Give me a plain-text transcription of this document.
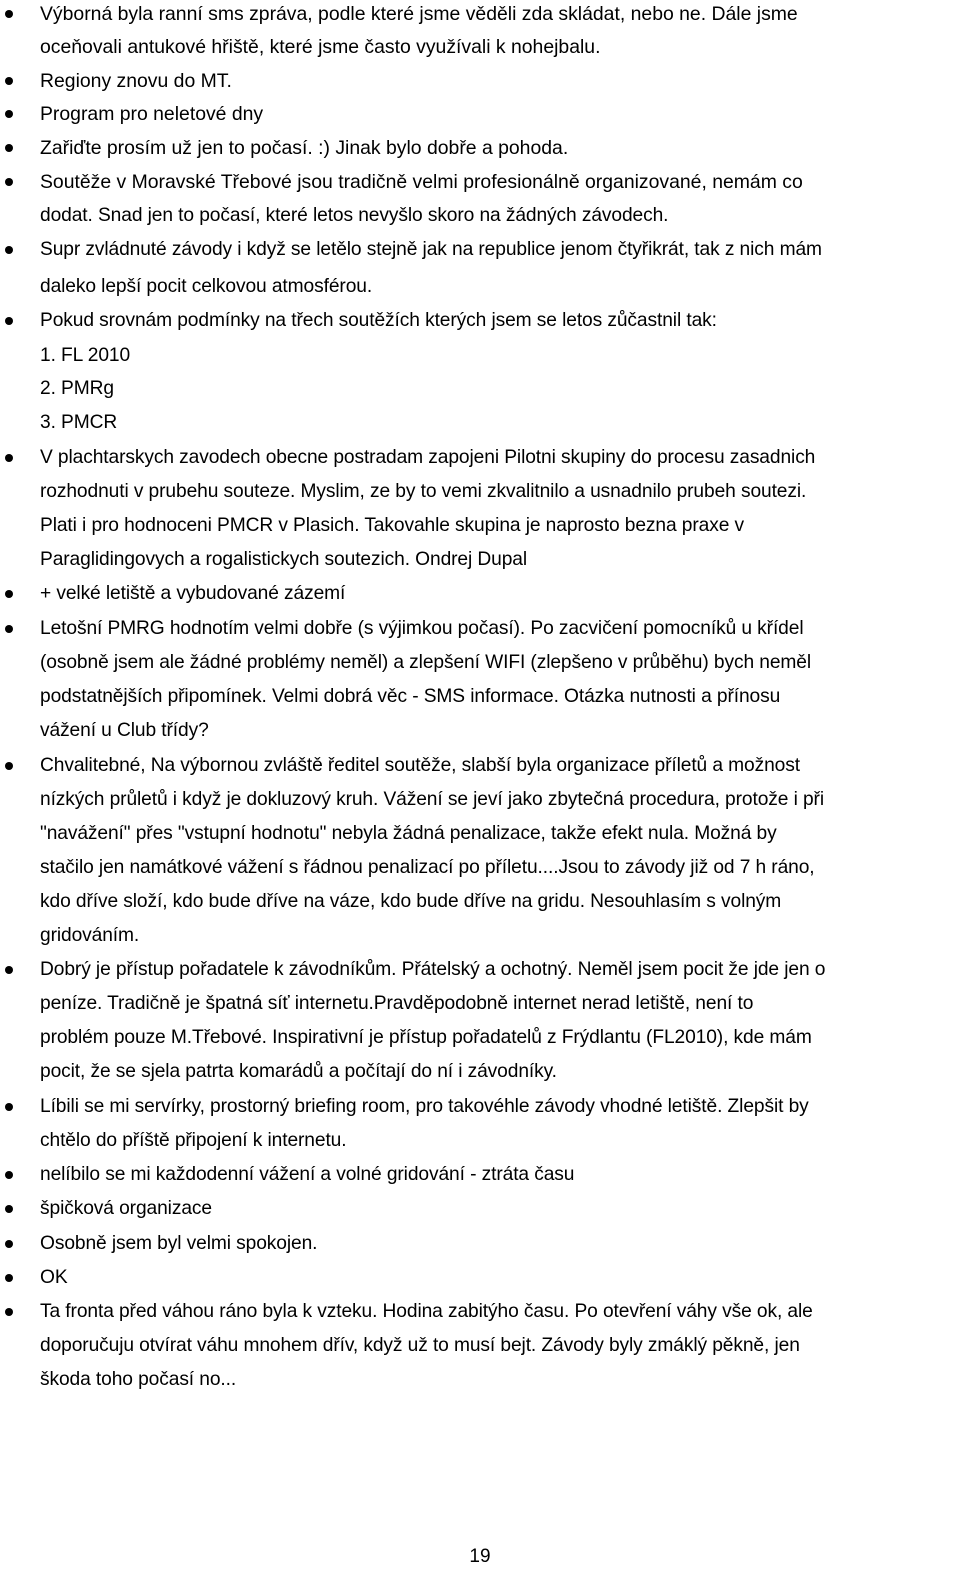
Výborná byla ranní sms zpráva, podle které jsme věděli zda skládat, nebo ne. Dále jsme
oceňovali antukové hřiště, které jsme často využívali k nohejbalu.
Regiony znovu do MT.
Program pro neletové dny
Zařiďte prosím už jen to počasí. :) Jinak bylo dobře a pohoda.
Soutěže v Moravské Třebové jsou tradičně velmi profesionálně organizované, nemám co
dodat. Snad jen to počasí, které letos nevyšlo skoro na žádných závodech.
Supr zvládnuté závody i když se letělo stejně jak na republice jenom čtyřikrát, tak z nich mám
daleko lepší pocit celkovou atmosférou.
Pokud srovnám podmínky na třech soutěžích kterých jsem se letos zůčastnil tak:
1. FL 2010
2. PMRg
3. PMCR
V plachtarskych zavodech obecne postradam zapojeni Pilotni skupiny do procesu zasadnich
rozhodnuti v prubehu souteze. Myslim, ze by to vemi zkvalitnilo a usnadnilo prubeh soutezi.
Plati i pro hodnoceni PMCR v Plasich. Takovahle skupina je naprosto bezna praxe v
Paraglidingovych a rogalistickych soutezich. Ondrej Dupal
+ velké letiště a vybudované zázemí
Letošní PMRG hodnotím velmi dobře (s výjimkou počasí). Po zacvičení pomocníků u křídel
(osobně jsem ale žádné problémy neměl) a zlepšení WIFI (zlepšeno v průběhu) bych neměl
podstatnějších připomínek. Velmi dobrá věc - SMS informace. Otázka nutnosti a přínosu
vážení u Club třídy?
Chvalitebné, Na výbornou zvláště ředitel soutěže, slabší byla organizace příletů a možnost
nízkých průletů i když je dokluzový kruh. Vážení se jeví jako zbytečná procedura, protože i při
"navážení" přes "vstupní hodnotu" nebyla žádná penalizace, takže efekt nula. Možná by
stačilo jen namátkové vážení s řádnou penalizací po příletu....Jsou to závody již od 7 h ráno,
kdo dříve složí, kdo bude dříve na váze, kdo bude dříve na gridu. Nesouhlasím s volným
gridováním.
Dobrý je přístup pořadatele k závodníkům. Přátelský a ochotný. Neměl jsem pocit že jde jen o
peníze. Tradičně je špatná síť internetu.Pravděpodobně internet nerad letiště, není to
problém pouze M.Třebové. Inspirativní je přístup pořadatelů z Frýdlantu (FL2010), kde mám
pocit, že se sjela patrta komarádů a počítají do ní i závodníky.
Líbili se mi servírky, prostorný briefing room, pro takovéhle závody vhodné letiště. Zlepšit by
chtělo do příště připojení k internetu.
nelíbilo se mi každodenní vážení a volné gridování - ztráta času
špičková organizace
Osobně jsem byl velmi spokojen.
OK
Ta fronta před váhou ráno byla k vzteku. Hodina zabitýho času. Po otevření váhy vše ok, ale
doporučuju otvírat váhu mnohem dřív, když už to musí bejt. Závody byly zmáklý pěkně, jen
škoda toho počasí no...
19
